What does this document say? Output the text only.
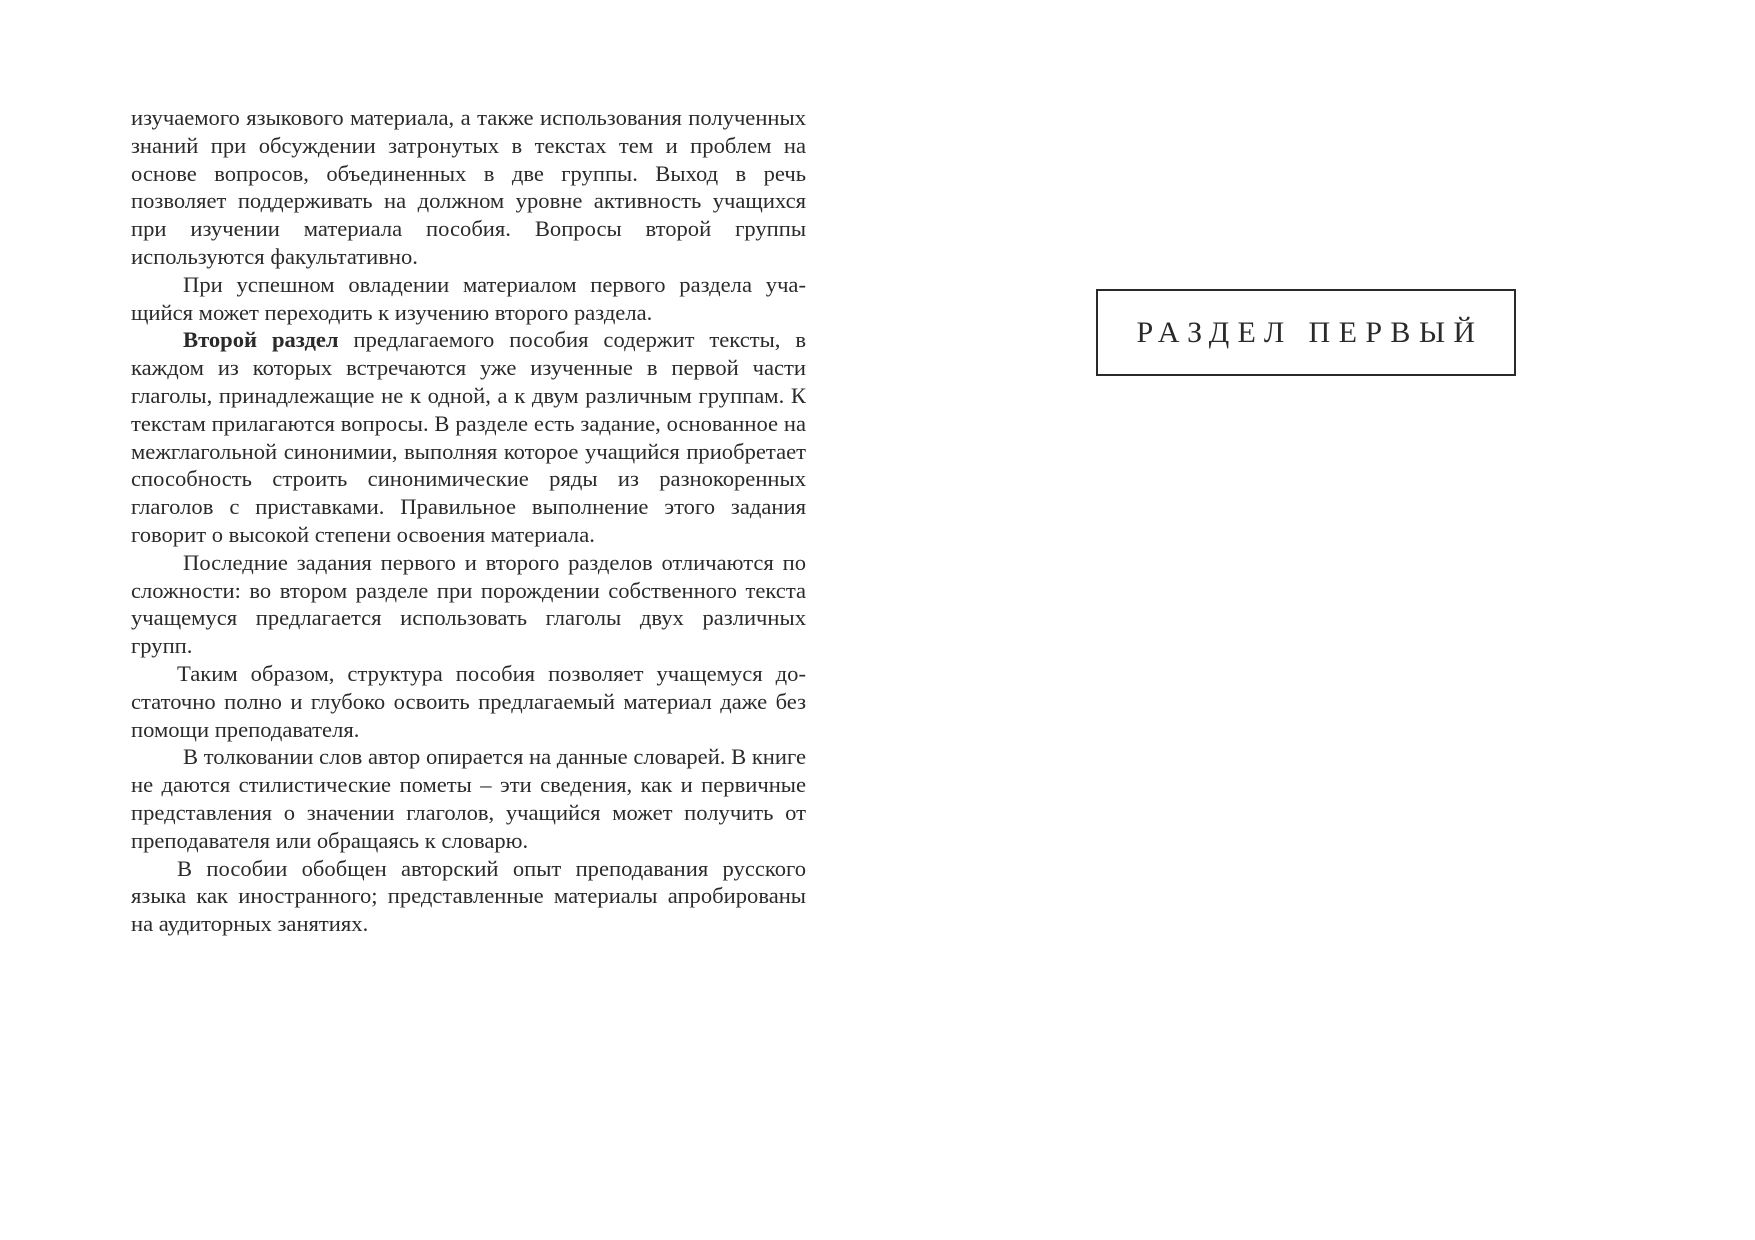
изучаемого языкового материала, а также использования полученных знаний при обсуждении затронутых в текстах тем и проблем на основе вопросов, объединенных в две группы. Выход в речь позволяет поддерживать на должном уровне активность учащихся при изучении материала пособия. Вопросы второй группы используются факультативно.

При успешном овладении материалом первого раздела учащийся может переходить к изучению второго раздела.

Второй раздел предлагаемого пособия содержит тексты, в каждом из которых встречаются уже изученные в первой части глаголы, принадлежащие не к одной, а к двум различным группам. К текстам прилагаются вопросы. В разделе есть задание, основанное на межглагольной синонимии, выполняя которое учащийся приобретает способность строить синонимические ряды из разнокоренных глаголов с приставками. Правильное выполнение этого задания говорит о высокой степени освоения материала.

Последние задания первого и второго разделов отличаются по сложности: во втором разделе при порождении собственного текста учащемуся предлагается использовать глаголы двух различных групп.

Таким образом, структура пособия позволяет учащемуся достаточно полно и глубоко освоить предлагаемый материал даже без помощи преподавателя.

В толковании слов автор опирается на данные словарей. В книге не даются стилистические пометы – эти сведения, как и первичные представления о значении глаголов, учащийся может получить от преподавателя или обращаясь к словарю.

В пособии обобщен авторский опыт преподавания русского языка как иностранного; представленные материалы апробированы на аудиторных занятиях.

РАЗДЕЛ ПЕРВЫЙ
